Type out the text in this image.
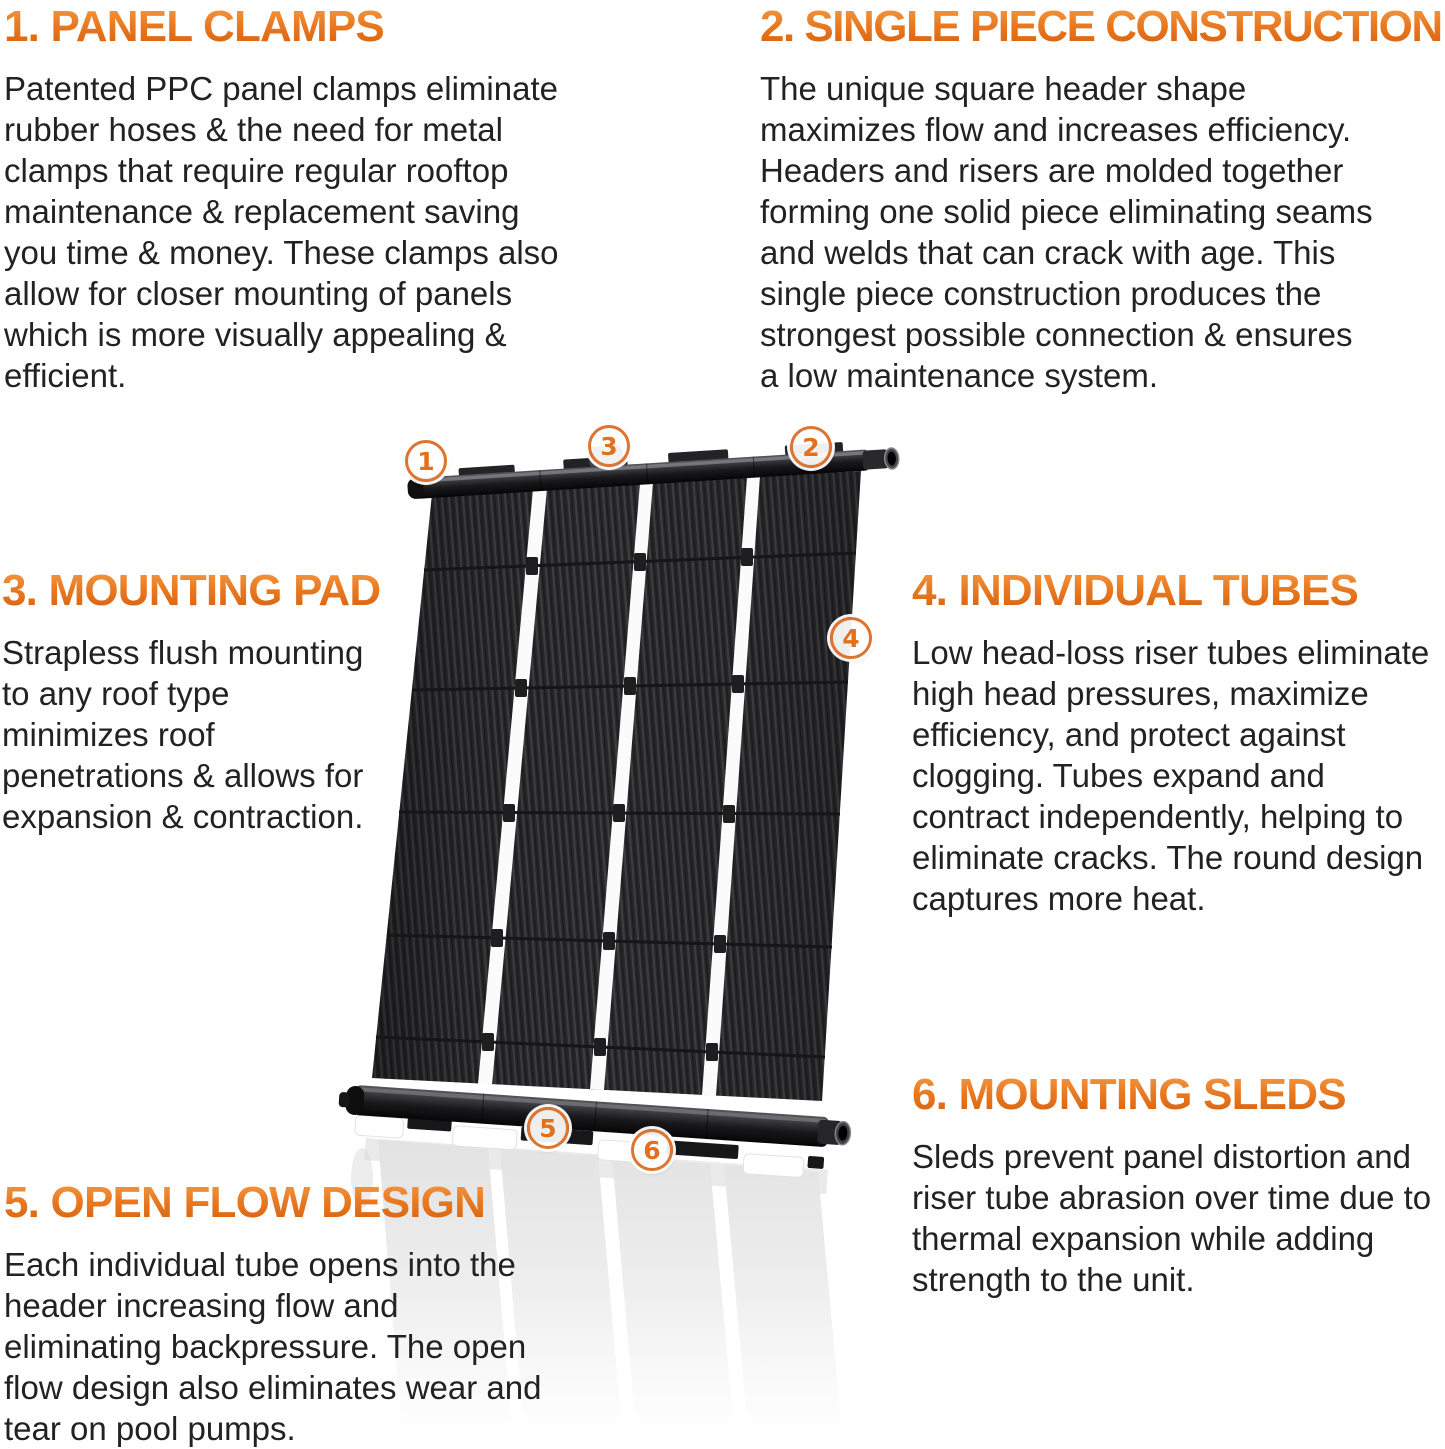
1. PANEL CLAMPS

Patented PPC panel clamps eliminate rubber hoses & the need for metal clamps that require regular rooftop maintenance & replacement saving you time & money. These clamps also allow for closer mounting of panels which is more visually appealing & efficient.

2. SINGLE PIECE CONSTRUCTION

The unique square header shape maximizes flow and increases efficiency. Headers and risers are molded together forming one solid piece eliminating seams and welds that can crack with age. This single piece construction produces the strongest possible connection & ensures a low maintenance system.

3. MOUNTING PAD

Strapless flush mounting to any roof type minimizes roof penetrations & allows for expansion & contraction.

4. INDIVIDUAL TUBES

Low head-loss riser tubes eliminate high head pressures, maximize efficiency, and protect against clogging. Tubes expand and contract independently, helping to eliminate cracks. The round design captures more heat.

5. OPEN FLOW DESIGN

Each individual tube opens into the header increasing flow and eliminating backpressure. The open flow design also eliminates wear and tear on pool pumps.

6. MOUNTING SLEDS

Sleds prevent panel distortion and riser tube abrasion over time due to thermal expansion while adding strength to the unit.

1	2
3
4
5
6
